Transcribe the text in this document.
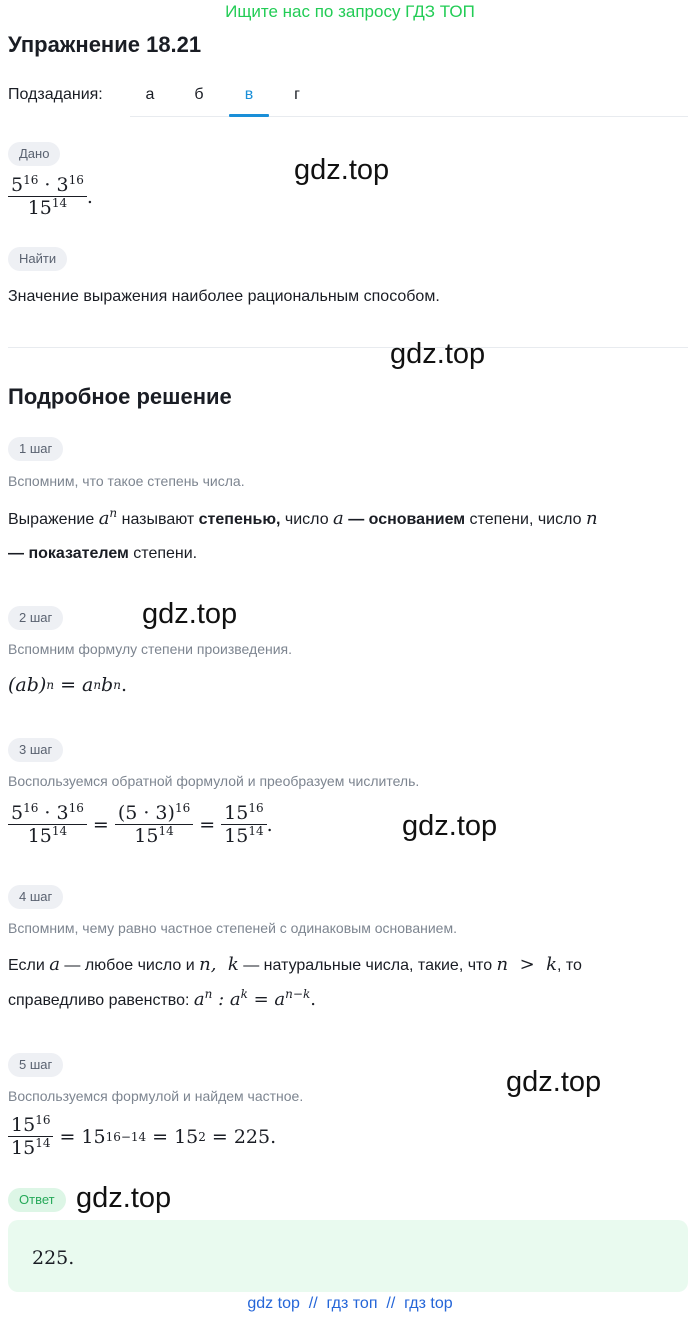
Ищите нас по запросу ГДЗ ТОП
Упражнение 18.21
Подзадания:	а	б	в	г
Дано
$\frac{5^{16} \cdot 3^{16}}{15^{14}}$ .
gdz.top
Найти
Значение выражения наиболее рациональным способом.
gdz.top
Подробное решение
1 шаг
Вспомним, что такое степень числа.
Выражение $a^n$ называют степенью, число a — основанием степени, число n
— показателем степени.
2 шаг	gdz.top
Вспомним формулу степени произведения.
(ab) n = a n b n .
3 шаг
Воспользуемся обратной формулой и преобразуем числитель.
$\frac{5^{16} \cdot 3^{16}}{15^{14}} = \frac{(5 \cdot 3)^{16}}{15^{14}} = \frac{15^{16}}{15^{14}}$ .	gdz.top
4 шаг
Вспомним, чему равно частное степеней с одинаковым основанием.
Если a — любое число и n,  k — натуральные числа, такие, что n  >  k, то
справедливо равенство: $a^n$ : $a^k = a^{n-k}$.
5 шаг
gdz.top
Воспользуемся формулой и найдем частное.
$\frac{15^{16}}{15^{14}} = 15$ 16−14 = 15 2 = 225.
Ответ gdz.top
225.
gdz top  //  гдз топ  //  гдз top
